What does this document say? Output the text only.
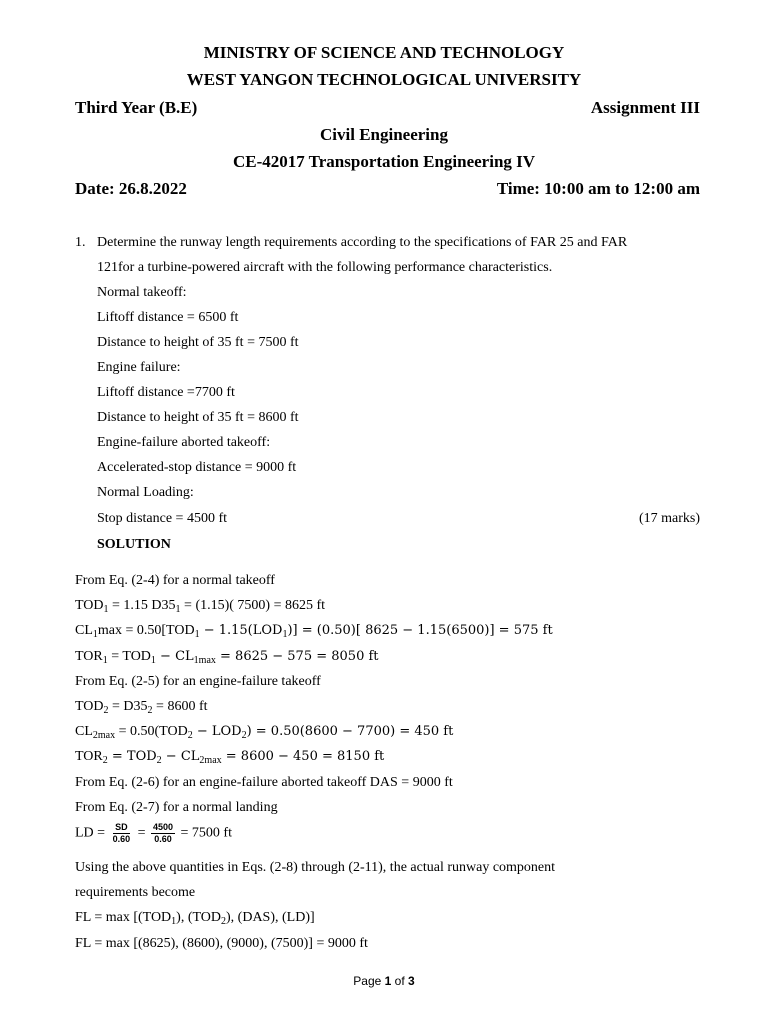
MINISTRY OF SCIENCE AND TECHNOLOGY
WEST YANGON TECHNOLOGICAL UNIVERSITY
Third Year (B.E)	Assignment III
Civil Engineering
CE-42017 Transportation Engineering IV
Date: 26.8.2022	Time: 10:00 am to 12:00 am
1. Determine the runway length requirements according to the specifications of FAR 25 and FAR
121for a turbine-powered aircraft with the following performance characteristics.
Normal takeoff:
Liftoff distance = 6500 ft
Distance to height of 35 ft = 7500 ft
Engine failure:
Liftoff distance =7700 ft
Distance to height of 35 ft = 8600 ft
Engine-failure aborted takeoff:
Accelerated-stop distance = 9000 ft
Normal Loading:
Stop distance = 4500 ft	(17 marks)
SOLUTION
From Eq. (2-4) for a normal takeoff
$TOD_1 = 1.15$ $D35_1 = (1.15)$( 7500) = 8625 ft
$CL_1\max = 0.50[TOD_1 - 1.15(LOD_1)] = (0.50)$[ 8625 − 1.15(6500)] = 575 ft
$TOR_1 = TOD_1 - CL_{1max} = 8625 - 575 = 8050$ ft
From Eq. (2-5) for an engine-failure takeoff
$TOD_2 = D35_2 = 8600$ ft
$CL_{2max} = 0.50(TOD_2 - LOD_2) = 0.50(8600 - 7700) = 450$ ft
$TOR_2 = TOD_2 - CL_{2max} = 8600 - 450 = 8150$ ft
From Eq. (2-6) for an engine-failure aborted takeoff DAS = 9000 ft
From Eq. (2-7) for a normal landing
LD = $\frac{SD}{0.60} = \frac{4500}{0.60} = 7500$ ft
Using the above quantities in Eqs. (2-8) through (2-11), the actual runway component
requirements become
FL = $\max [(TOD_1)$, $(TOD_2)$, (DAS), (LD)]
FL = max [(8625), (8600), (9000), (7500)] = 9000 ft
Page 1 of 3
